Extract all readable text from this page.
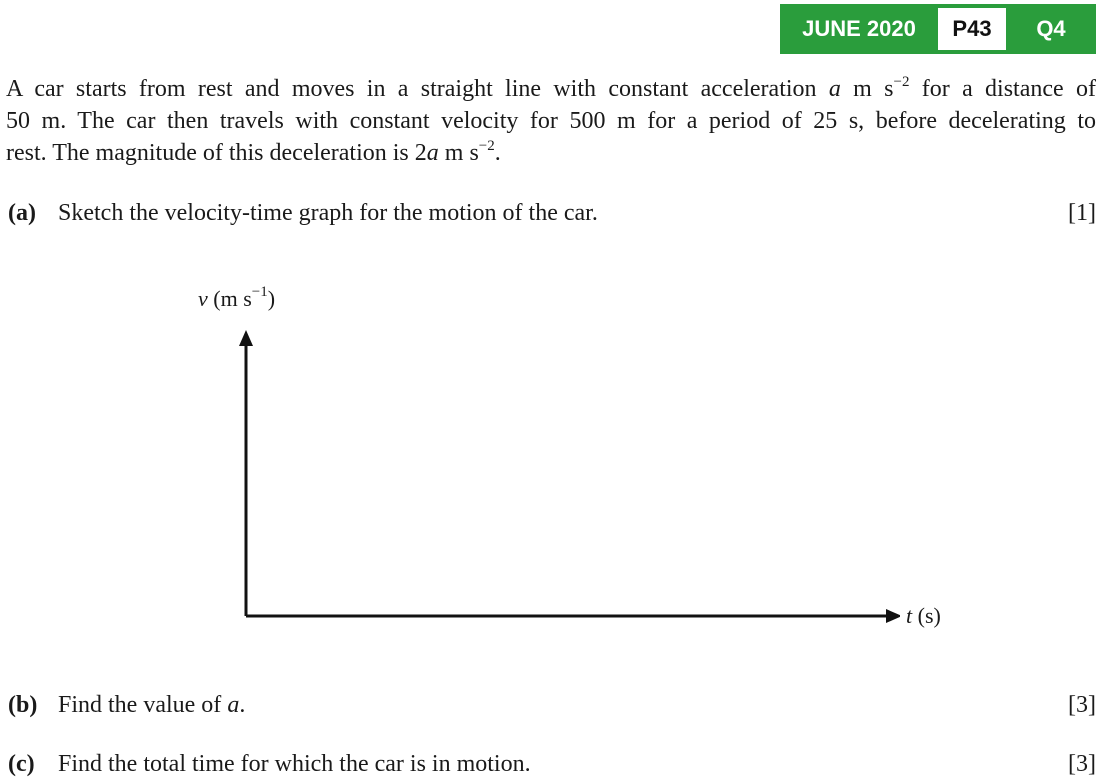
JUNE 2020	P43	Q4
A car starts from rest and moves in a straight line with constant acceleration a m $s^{-2}$ for a distance of
50 m. The car then travels with constant velocity for 500 m for a period of 25 s, before decelerating to
rest. The magnitude of this deceleration is 2a m $s^{-2}$.
(a) Sketch the velocity-time graph for the motion of the car.	[1]
v (m $s^{-1}$)
t (s)
(b) Find the value of a.	[3]
(c) Find the total time for which the car is in motion.	[3]
